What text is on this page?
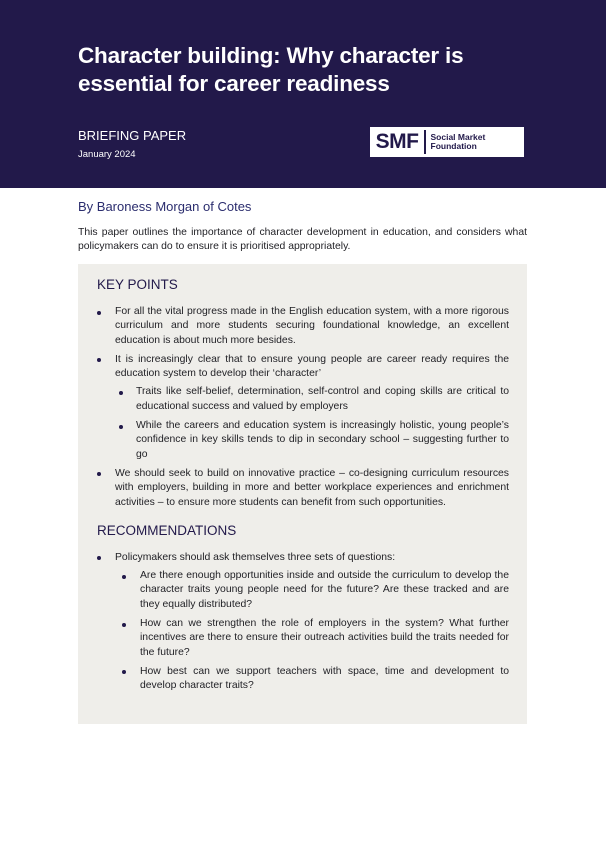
Character building: Why character is essential for career readiness
BRIEFING PAPER
January 2024
SMF	Social Market
Foundation
By Baroness Morgan of Cotes

This paper outlines the importance of character development in education, and considers what policymakers can do to ensure it is prioritised appropriately.

KEY POINTS
For all the vital progress made in the English education system, with a more rigorous curriculum and more students securing foundational knowledge, an excellent education is about much more besides.
It is increasingly clear that to ensure young people are career ready requires the education system to develop their ‘character’
Traits like self-belief, determination, self-control and coping skills are critical to educational success and valued by employers
While the careers and education system is increasingly holistic, young people’s confidence in key skills tends to dip in secondary school – suggesting further to go
We should seek to build on innovative practice – co-designing curriculum resources with employers, building in more and better workplace experiences and enrichment activities – to ensure more students can benefit from such opportunities.
RECOMMENDATIONS
Policymakers should ask themselves three sets of questions:
Are there enough opportunities inside and outside the curriculum to develop the character traits young people need for the future? Are these tracked and are they equally distributed?
How can we strengthen the role of employers in the system? What further incentives are there to ensure their outreach activities build the traits needed for the future?
How best can we support teachers with space, time and development to develop character traits?
